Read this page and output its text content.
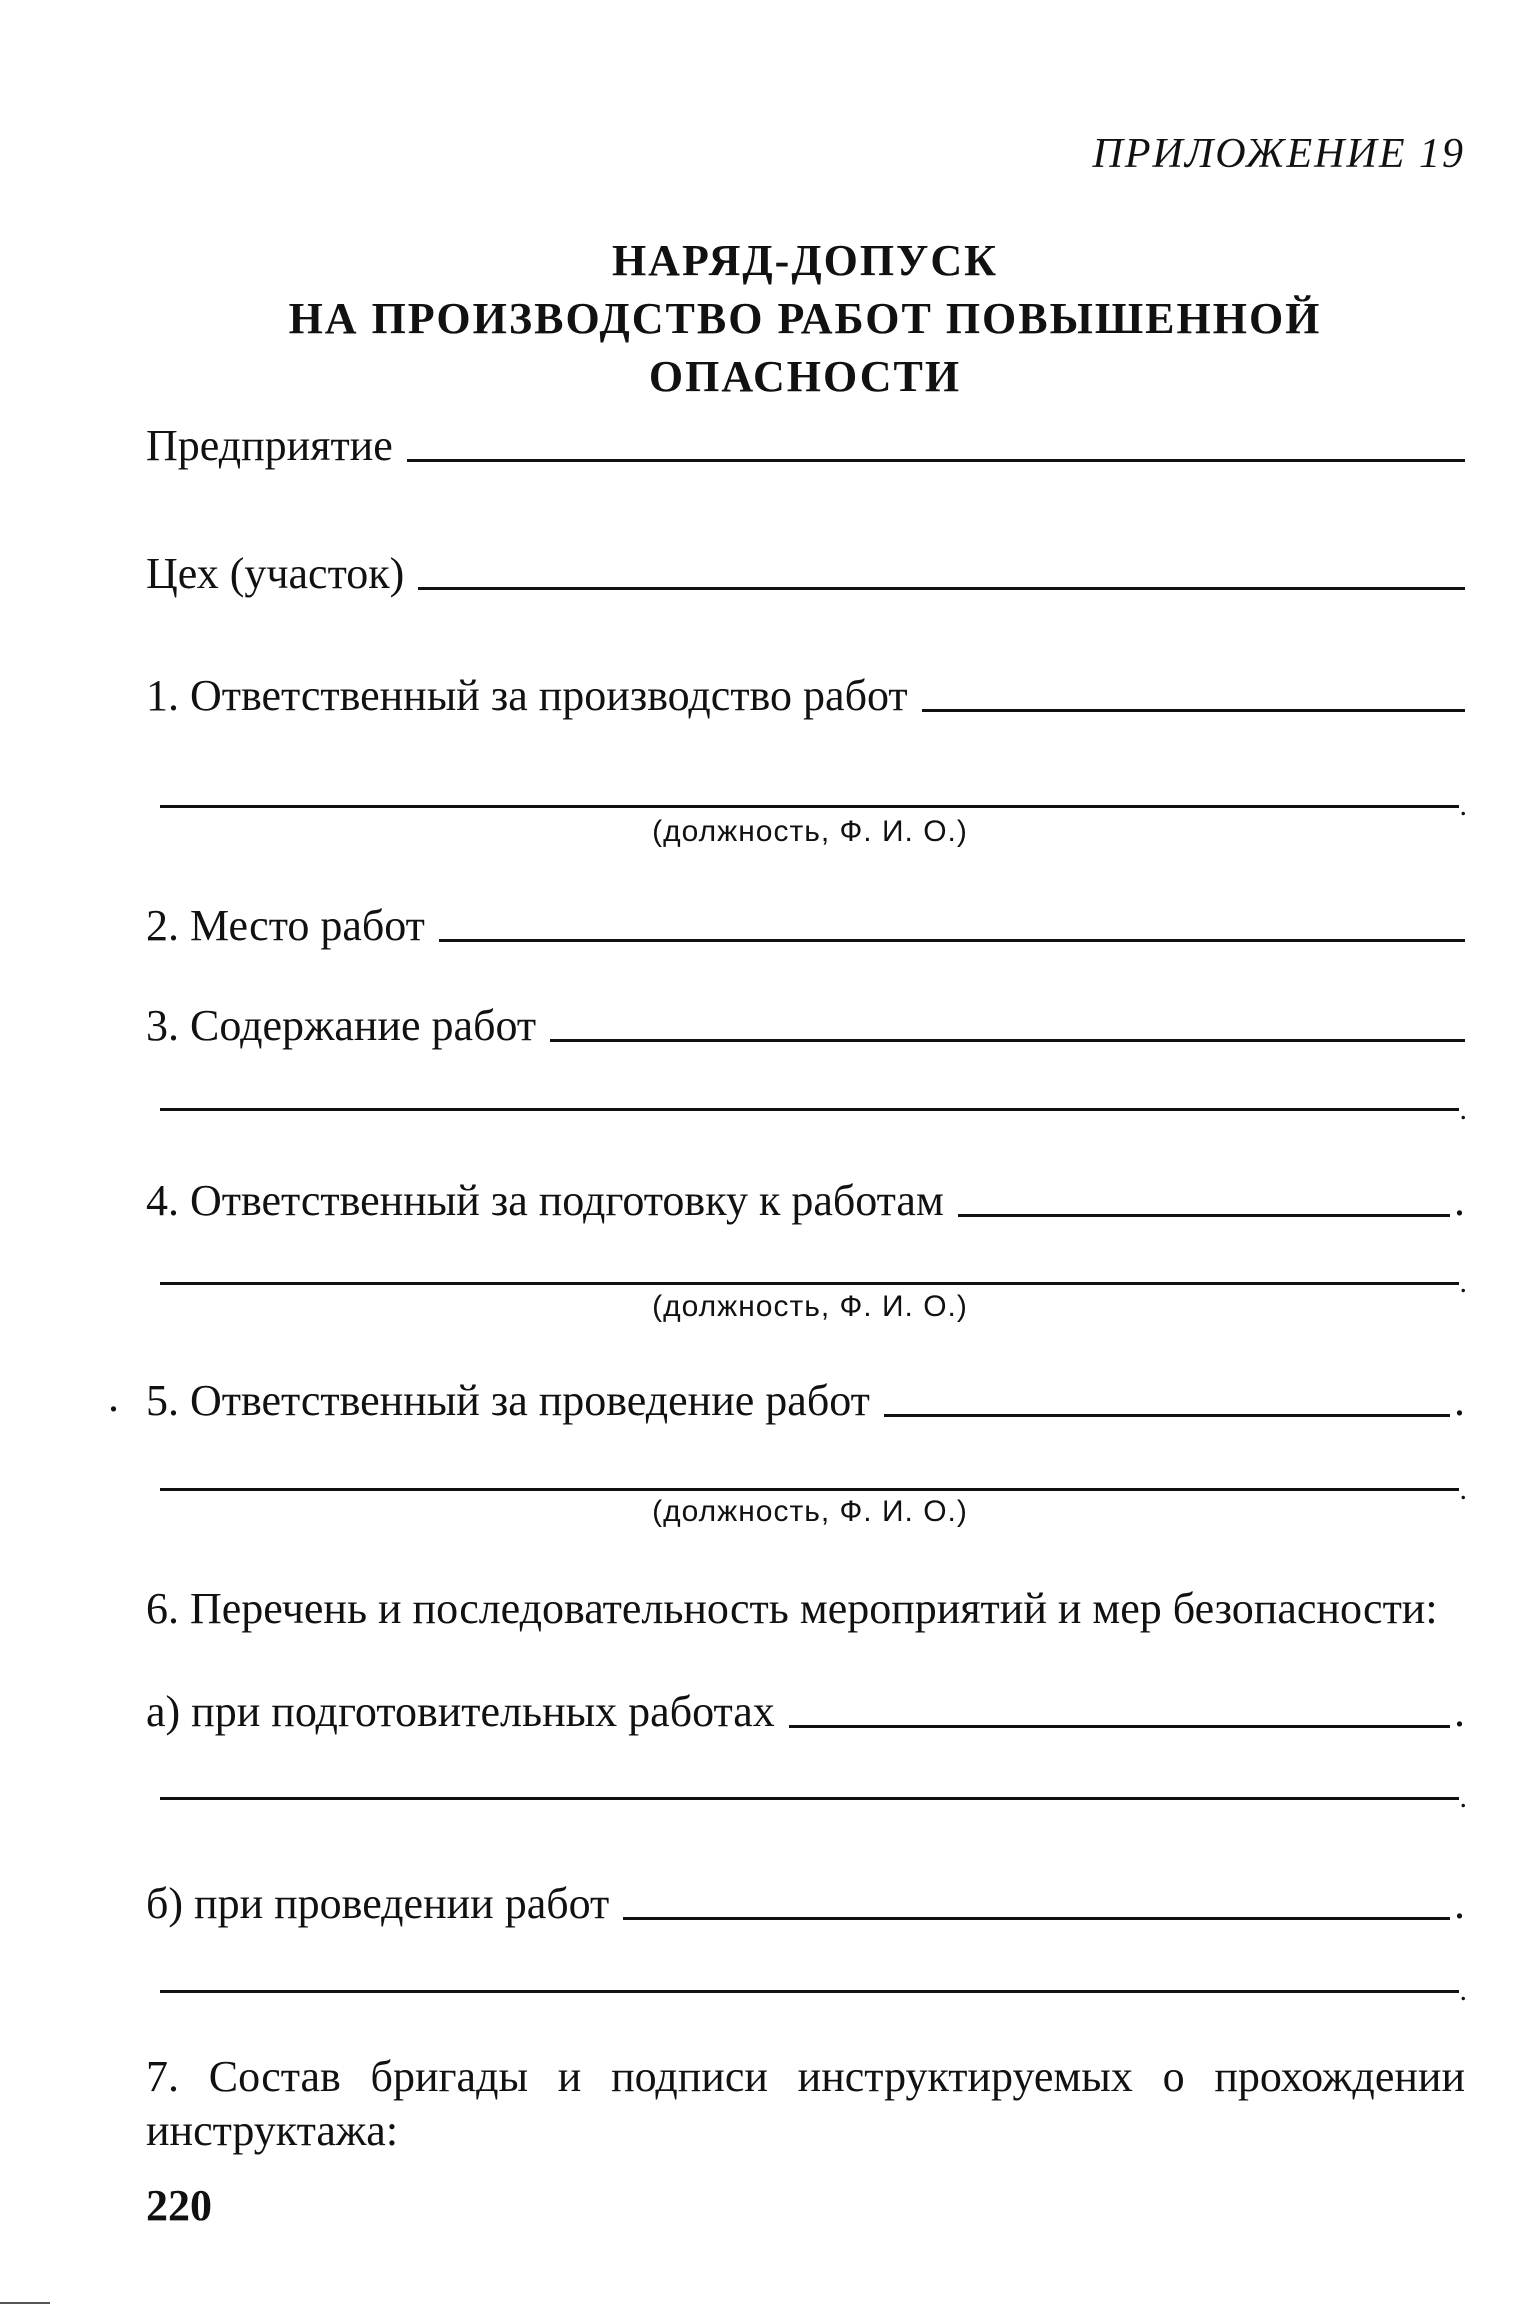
ПРИЛОЖЕНИЕ 19
НАРЯД-ДОПУСК
НА ПРОИЗВОДСТВО РАБОТ ПОВЫШЕННОЙ
ОПАСНОСТИ
Предприятие
Цех (участок)
1. Ответственный за производство работ
.
(должность, Ф. И. О.)
2. Место работ
3. Содержание работ
.
4. Ответственный за подготовку к работам	.
.
(должность, Ф. И. О.)
. 5. Ответственный за проведение работ	.
.
(должность, Ф. И. О.)
6. Перечень и последовательность мероприятий и мер безопасности:
а) при подготовительных работах	.
.
б) при проведении работ	.
.
7. Состав бригады и подписи инструктируемых о прохождении инструктажа:
220
